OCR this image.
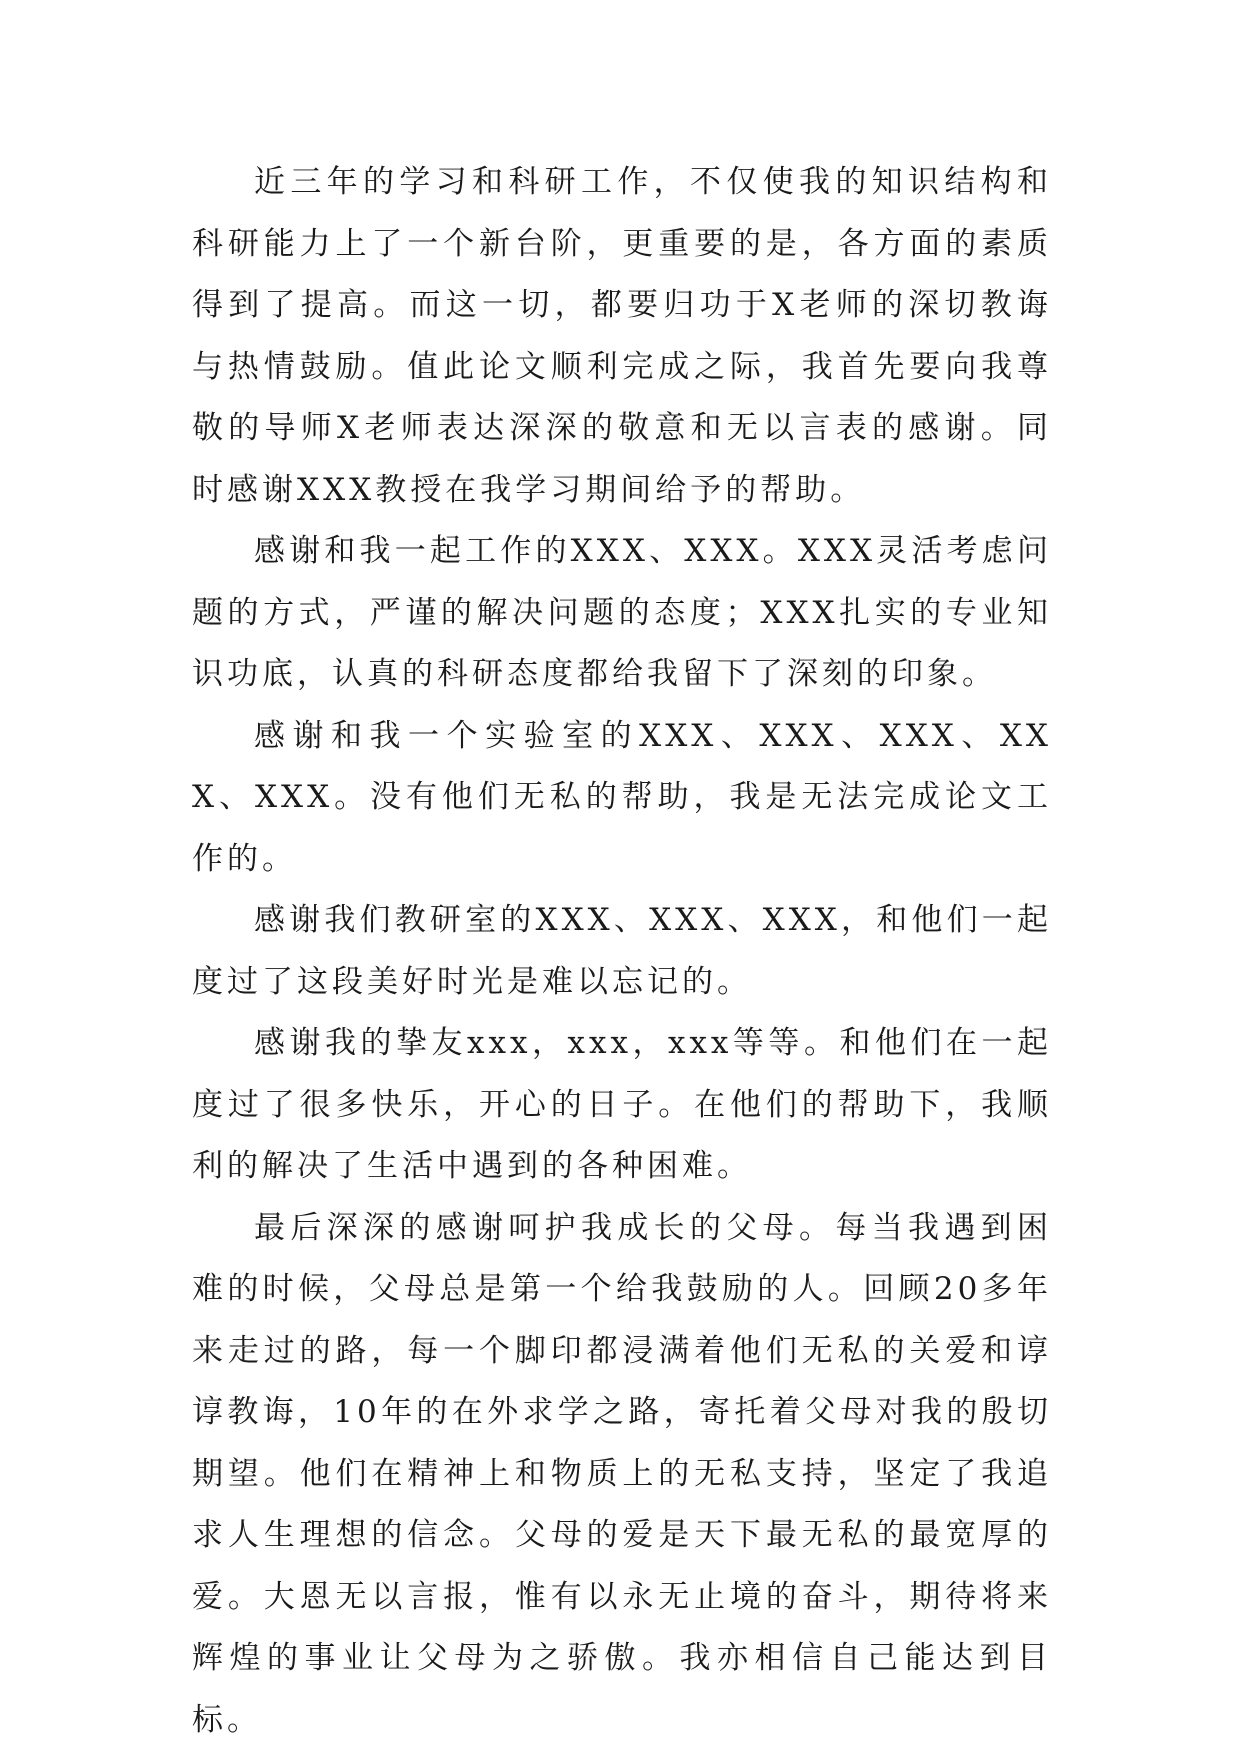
近三年的学习和科研工作，不仅使我的知识结构和科研能力上了一个新台阶，更重要的是，各方面的素质得到了提高。而这一切，都要归功于X老师的深切教诲与热情鼓励。值此论文顺利完成之际，我首先要向我尊敬的导师X老师表达深深的敬意和无以言表的感谢。同时感谢XXX教授在我学习期间给予的帮助。

感谢和我一起工作的XXX、XXX。XXX灵活考虑问题的方式，严谨的解决问题的态度；XXX扎实的专业知识功底，认真的科研态度都给我留下了深刻的印象。

感谢和我一个实验室的XXX、XXX、XXX、XXX、XXX。没有他们无私的帮助，我是无法完成论文工作的。

感谢我们教研室的XXX、XXX、XXX，和他们一起度过了这段美好时光是难以忘记的。

感谢我的挚友xxx，xxx，xxx等等。和他们在一起度过了很多快乐，开心的日子。在他们的帮助下，我顺利的解决了生活中遇到的各种困难。

最后深深的感谢呵护我成长的父母。每当我遇到困难的时候，父母总是第一个给我鼓励的人。回顾20多年来走过的路，每一个脚印都浸满着他们无私的关爱和谆谆教诲，10年的在外求学之路，寄托着父母对我的殷切期望。他们在精神上和物质上的无私支持，坚定了我追求人生理想的信念。父母的爱是天下最无私的最宽厚的爱。大恩无以言报，惟有以永无止境的奋斗，期待将来辉煌的事业让父母为之骄傲。我亦相信自己能达到目标。
